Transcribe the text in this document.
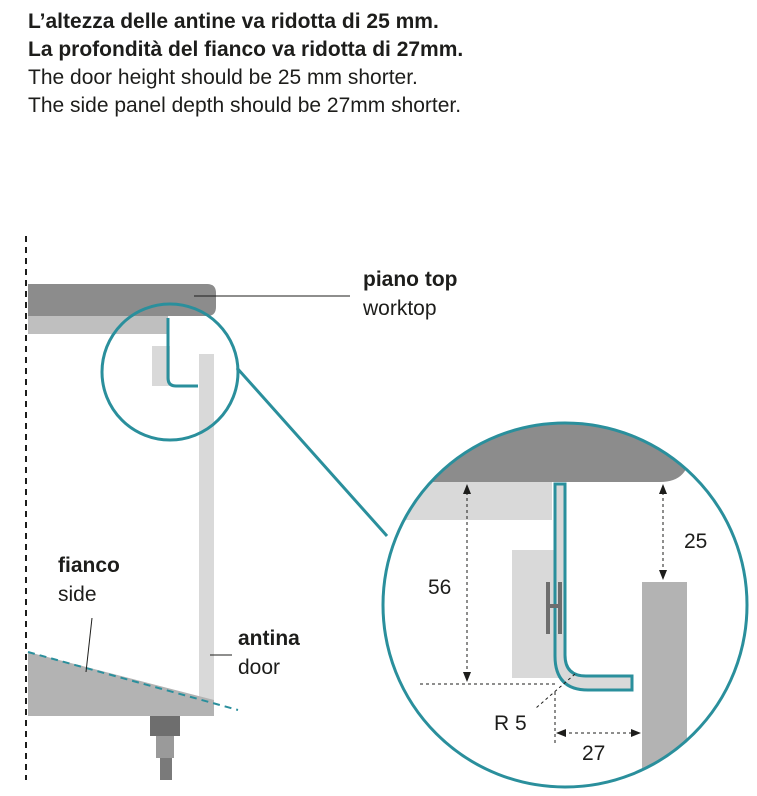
L’altezza delle antine va ridotta di 25 mm.
La profondità del fianco va ridotta di 27mm.
The door height should be 25 mm shorter.
The side panel depth should be 27mm shorter.
piano top
worktop
fianco
side
antina
door
25
56
R 5
27
